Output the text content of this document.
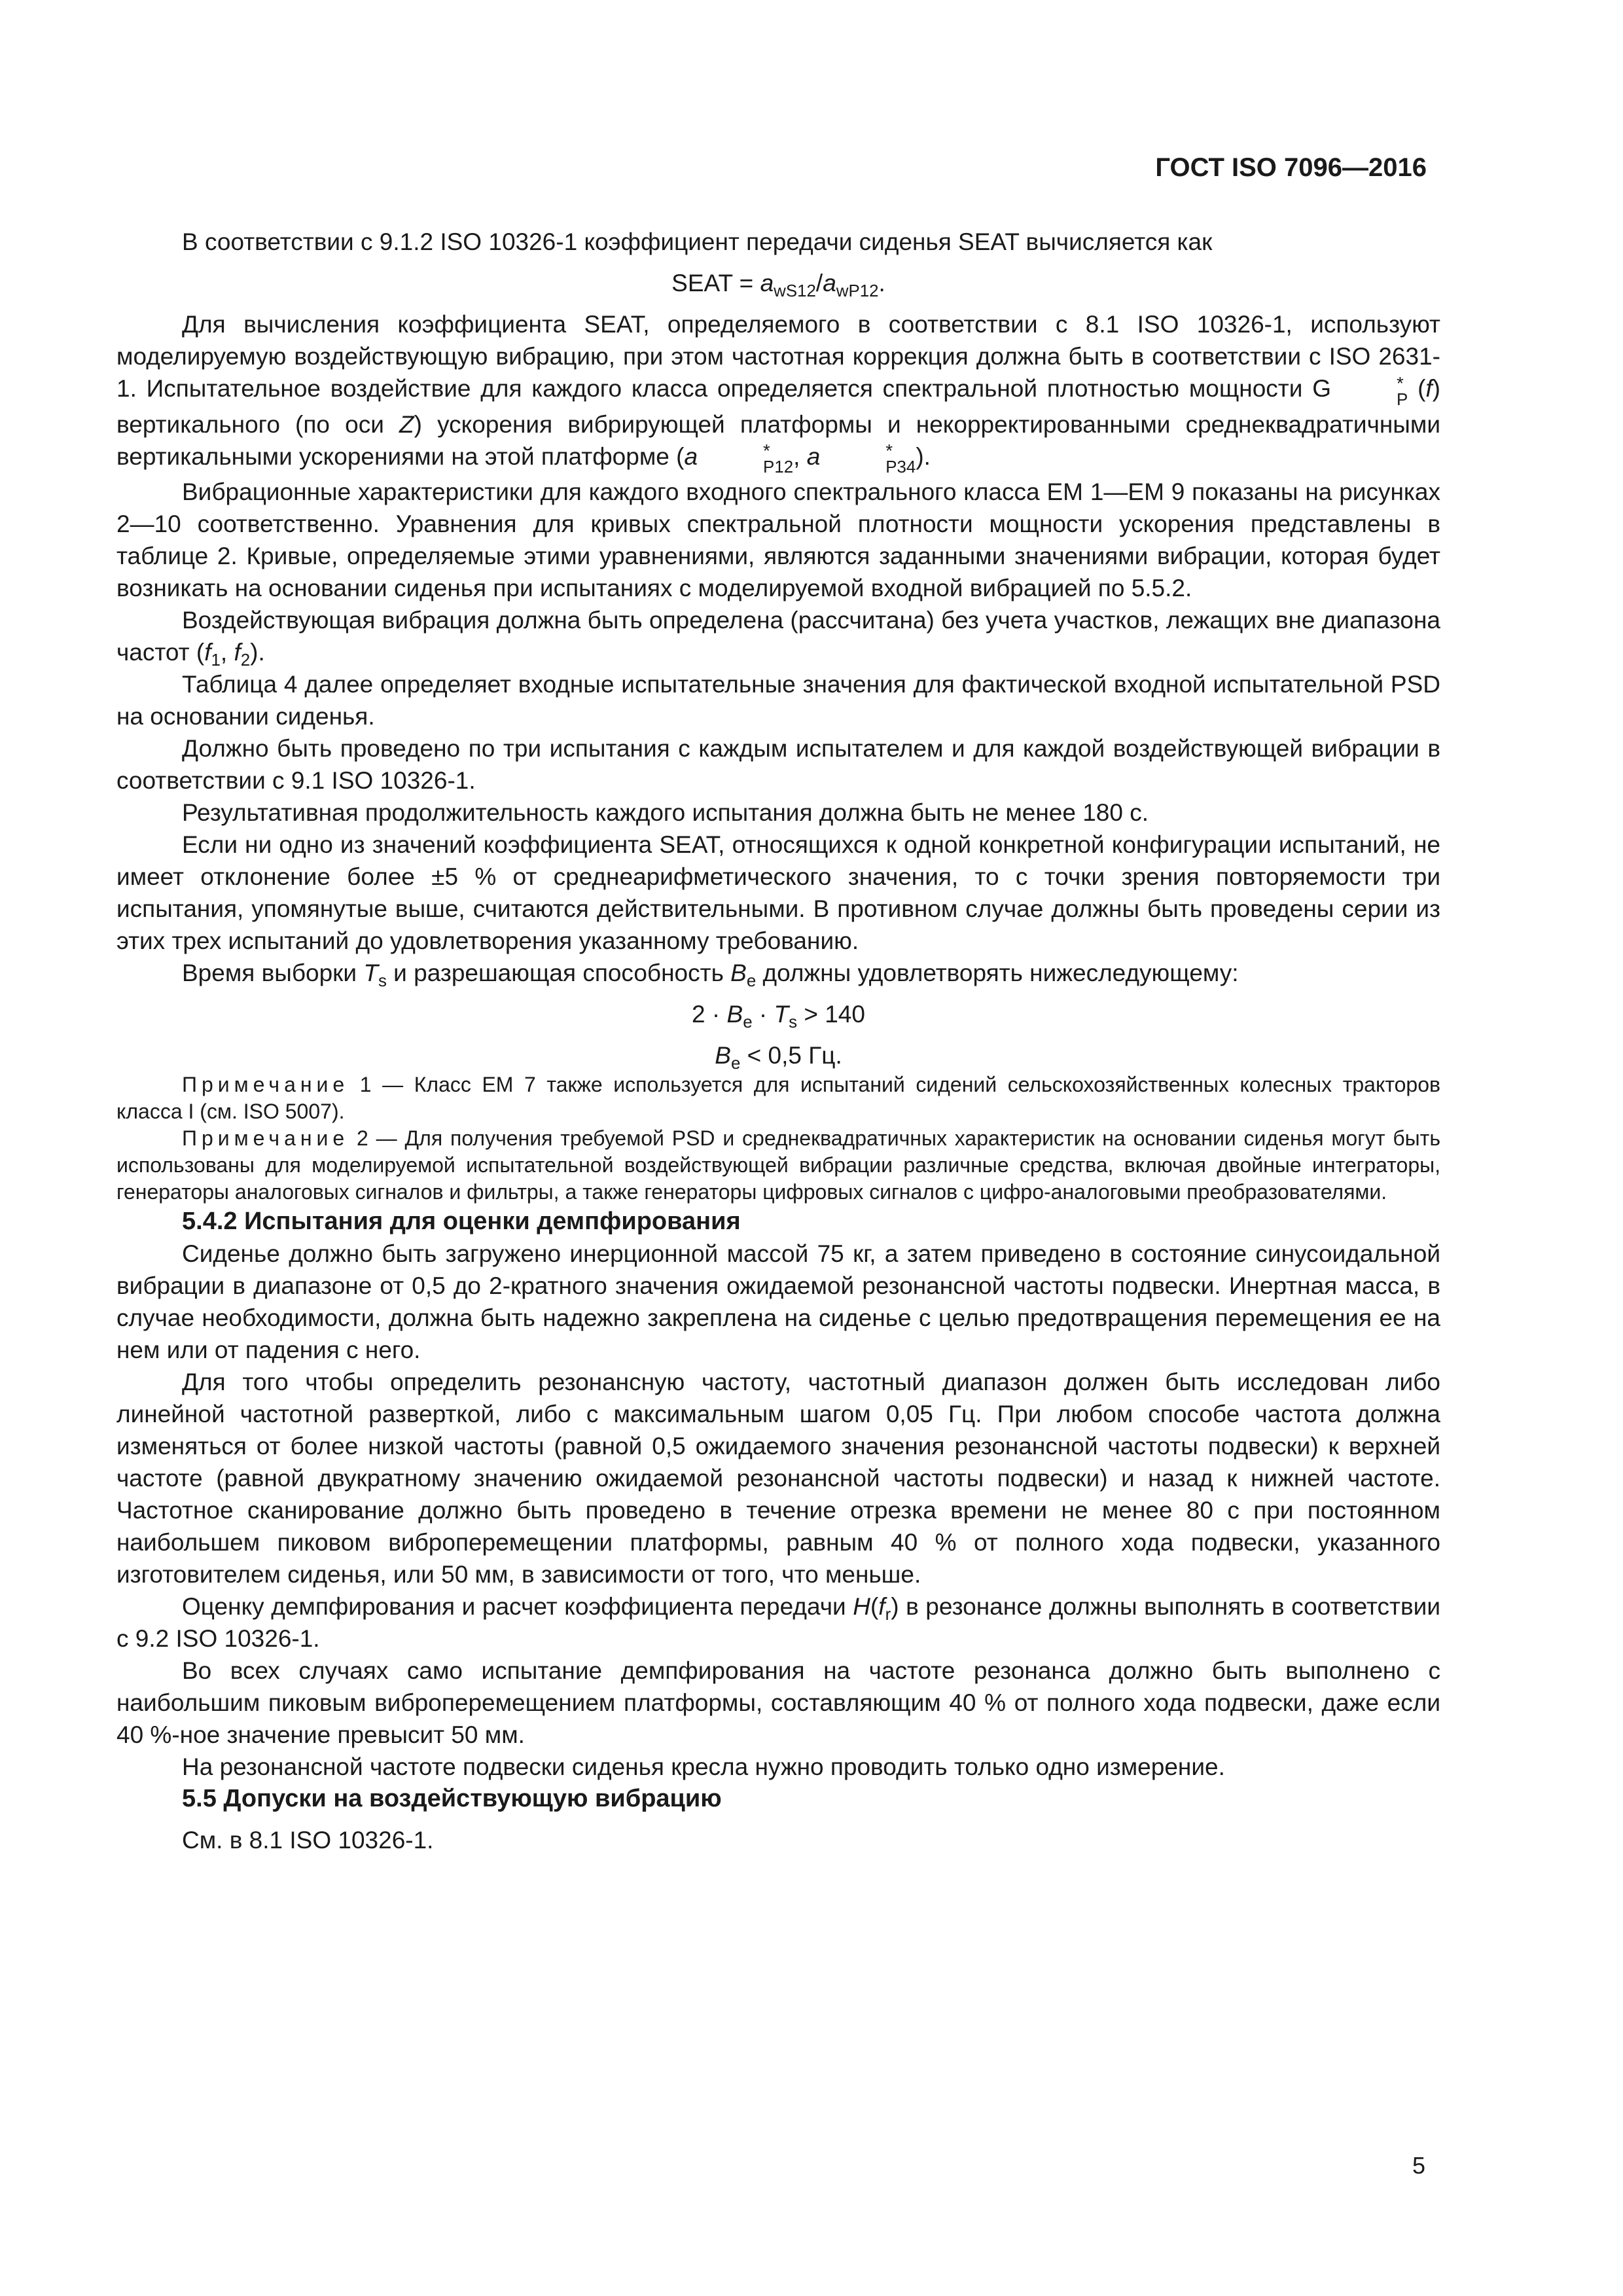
ГОСТ ISO 7096—2016

В соответствии с 9.1.2 ISO 10326-1 коэффициент передачи сиденья SEAT вычисляется как

SEAT = $a_{wS12}/a_{wP12}$.

Для вычисления коэффициента SEAT, определяемого в соответствии с 8.1 ISO 10326-1, используют моделируемую воздействующую вибрацию, при этом частотная коррекция должна быть в соответствии с ISO 2631-1. Испытательное воздействие для каждого класса определяется спектральной плотностью мощности G	*
P (f) вертикального (по оси Z) ускорения вибрирующей платформы и некорректированными среднеквадратичными вертикальными ускорениями на этой платформе (a	*
P12 , a	*
P34 ).

Вибрационные характеристики для каждого входного спектрального класса EM 1—EM 9 показаны на рисунках 2—10 соответственно. Уравнения для кривых спектральной плотности мощности ускорения представлены в таблице 2. Кривые, определяемые этими уравнениями, являются заданными значениями вибрации, которая будет возникать на основании сиденья при испытаниях с моделируемой входной вибрацией по 5.5.2.

Воздействующая вибрация должна быть определена (рассчитана) без учета участков, лежащих вне диапазона частот ($f_1$, $f_2$).

Таблица 4 далее определяет входные испытательные значения для фактической входной испытательной PSD на основании сиденья.

Должно быть проведено по три испытания с каждым испытателем и для каждой воздействующей вибрации в соответствии с 9.1 ISO 10326-1.

Результативная продолжительность каждого испытания должна быть не менее 180 с.

Если ни одно из значений коэффициента SEAT, относящихся к одной конкретной конфигурации испытаний, не имеет отклонение более ±5 % от среднеарифметического значения, то с точки зрения повторяемости три испытания, упомянутые выше, считаются действительными. В противном случае должны быть проведены серии из этих трех испытаний до удовлетворения указанному требованию.

Время выборки $T_s$ и разрешающая способность $B_e$ должны удовлетворять нижеследующему:

$2 \cdot B_e \cdot T_s > 140$

$B_e < 0,5$ Гц.

Примечание 1 — Класс EM 7 также используется для испытаний сидений сельскохозяйственных колесных тракторов класса I (см. ISO 5007).

Примечание 2 — Для получения требуемой PSD и среднеквадратичных характеристик на основании сиденья могут быть использованы для моделируемой испытательной воздействующей вибрации различные средства, включая двойные интеграторы, генераторы аналоговых сигналов и фильтры, а также генераторы цифровых сигналов с цифро-аналоговыми преобразователями.

5.4.2 Испытания для оценки демпфирования

Сиденье должно быть загружено инерционной массой 75 кг, а затем приведено в состояние синусоидальной вибрации в диапазоне от 0,5 до 2-кратного значения ожидаемой резонансной частоты подвески. Инертная масса, в случае необходимости, должна быть надежно закреплена на сиденье с целью предотвращения перемещения ее на нем или от падения с него.

Для того чтобы определить резонансную частоту, частотный диапазон должен быть исследован либо линейной частотной разверткой, либо с максимальным шагом 0,05 Гц. При любом способе частота должна изменяться от более низкой частоты (равной 0,5 ожидаемого значения резонансной частоты подвески) к верхней частоте (равной двукратному значению ожидаемой резонансной частоты подвески) и назад к нижней частоте. Частотное сканирование должно быть проведено в течение отрезка времени не менее 80 с при постоянном наибольшем пиковом виброперемещении платформы, равным 40 % от полного хода подвески, указанного изготовителем сиденья, или 50 мм, в зависимости от того, что меньше.

Оценку демпфирования и расчет коэффициента передачи $H(f_r)$ в резонансе должны выполнять в соответствии с 9.2 ISO 10326-1.

Во всех случаях само испытание демпфирования на частоте резонанса должно быть выполнено с наибольшим пиковым виброперемещением платформы, составляющим 40 % от полного хода подвески, даже если 40 %-ное значение превысит 50 мм.

На резонансной частоте подвески сиденья кресла нужно проводить только одно измерение.

5.5 Допуски на воздействующую вибрацию

См. в 8.1 ISO 10326-1.

5
